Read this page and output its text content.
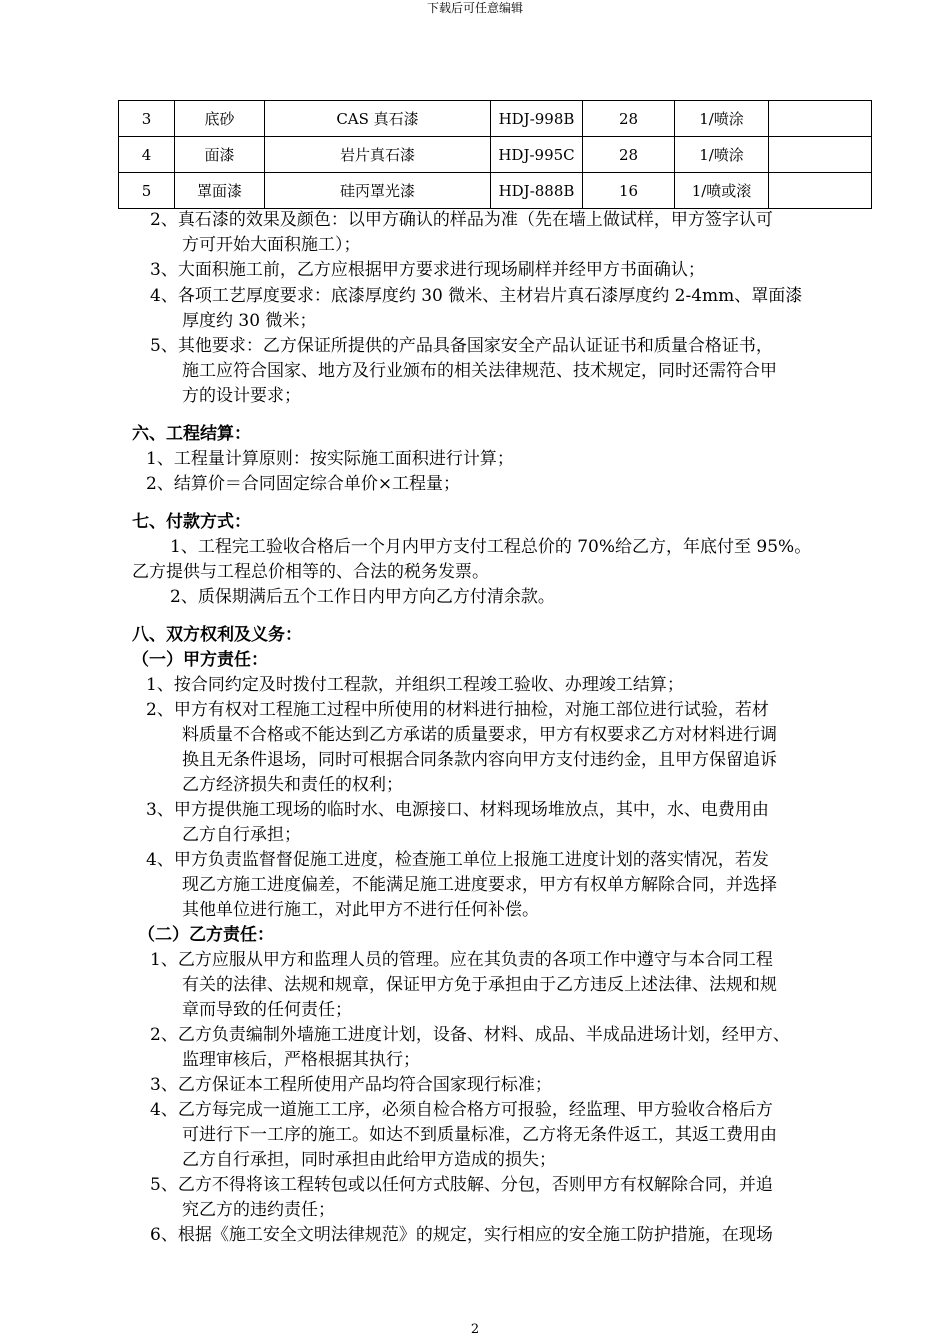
下载后可任意编辑
3	底砂	CAS 真石漆	HDJ-998B	28	1/喷涂	
4	面漆	岩片真石漆	HDJ-995C	28	1/喷涂	
5	罩面漆	硅丙罩光漆	HDJ-888B	16	1/喷或滚	
2、真石漆的效果及颜色：以甲方确认的样品为准（先在墙上做试样，甲方签字认可
方可开始大面积施工）；
3、大面积施工前，乙方应根据甲方要求进行现场刷样并经甲方书面确认；
4、各项工艺厚度要求：底漆厚度约 30 微米、主材岩片真石漆厚度约 2-4mm、罩面漆
厚度约 30 微米；
5、其他要求：乙方保证所提供的产品具备国家安全产品认证证书和质量合格证书，
施工应符合国家、地方及行业颁布的相关法律规范、技术规定，同时还需符合甲
方的设计要求；
六、工程结算：
1、工程量计算原则：按实际施工面积进行计算；
2、结算价＝合同固定综合单价×工程量；
七、付款方式：
1、工程完工验收合格后一个月内甲方支付工程总价的 70%给乙方，年底付至 95%。
乙方提供与工程总价相等的、合法的税务发票。
2、质保期满后五个工作日内甲方向乙方付清余款。
八、双方权利及义务：
（一）甲方责任：
1、按合同约定及时拨付工程款，并组织工程竣工验收、办理竣工结算；
2、甲方有权对工程施工过程中所使用的材料进行抽检，对施工部位进行试验，若材
料质量不合格或不能达到乙方承诺的质量要求，甲方有权要求乙方对材料进行调
换且无条件退场，同时可根据合同条款内容向甲方支付违约金，且甲方保留追诉
乙方经济损失和责任的权利；
3、甲方提供施工现场的临时水、电源接口、材料现场堆放点，其中，水、电费用由
乙方自行承担；
4、甲方负责监督督促施工进度，检查施工单位上报施工进度计划的落实情况，若发
现乙方施工进度偏差，不能满足施工进度要求，甲方有权单方解除合同，并选择
其他单位进行施工，对此甲方不进行任何补偿。
（二）乙方责任：
1、乙方应服从甲方和监理人员的管理。应在其负责的各项工作中遵守与本合同工程
有关的法律、法规和规章，保证甲方免于承担由于乙方违反上述法律、法规和规
章而导致的任何责任；
2、乙方负责编制外墙施工进度计划，设备、材料、成品、半成品进场计划，经甲方、
监理审核后，严格根据其执行；
3、乙方保证本工程所使用产品均符合国家现行标准；
4、乙方每完成一道施工工序，必须自检合格方可报验，经监理、甲方验收合格后方
可进行下一工序的施工。如达不到质量标准，乙方将无条件返工，其返工费用由
乙方自行承担，同时承担由此给甲方造成的损失；
5、乙方不得将该工程转包或以任何方式肢解、分包，否则甲方有权解除合同，并追
究乙方的违约责任；
6、根据《施工安全文明法律规范》的规定，实行相应的安全施工防护措施，在现场
2
